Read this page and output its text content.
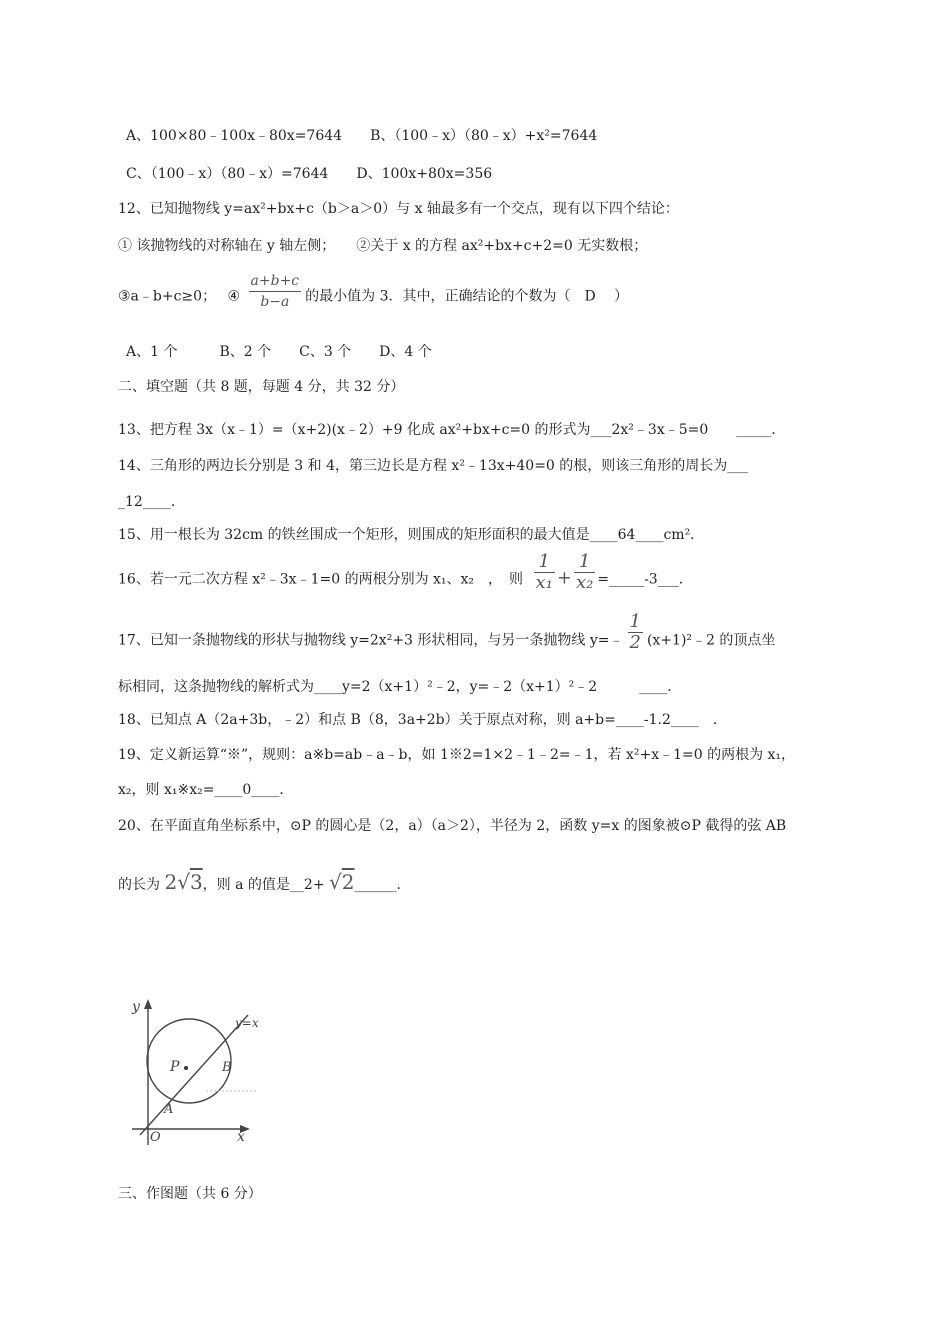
A、100×80﹣100x﹣80x=7644　　B、（100﹣x）（80﹣x）+x²=7644
C、（100﹣x）（80﹣x）=7644　　D、100x+80x=356
12、已知抛物线 y=ax²+bx+c（b＞a＞0）与 x 轴最多有一个交点，现有以下四个结论：
① 该抛物线的对称轴在 y 轴左侧；　　②关于 x 的方程 ax²+bx+c+2=0 无实数根；
③a﹣b+c≥0；　 ④ $\frac{a+b+c}{b-a}$ 的最小值为 3．其中，正确结论的个数为（　D　 ）
A、1 个　　　B、2 个　　C、3 个　　D、4 个
二、填空题（共 8 题，每题 4 分，共 32 分）
13、把方程 3x（x﹣1）=（x+2)(x﹣2）+9 化成 ax²+bx+c=0 的形式为___2x²﹣3x﹣5=0　　_____．
14、三角形的两边长分别是 3 和 4，第三边长是方程 x²﹣13x+40=0 的根，则该三角形的周长为___
_12____．
15、用一根长为 32cm 的铁丝围成一个矩形，则围成的矩形面积的最大值是____64____cm²．
16、若一元二次方程 x²﹣3x﹣1=0 的两根分别为 x₁、x₂　，　则 $\frac{1}{\text{x₁}} + \frac{1}{\text{x₂}}$ =_____-3___．
17、已知一条抛物线的形状与抛物线 y=2x²+3 形状相同，与另一条抛物线 y=﹣ $\frac{1}{2}$ (x+1)²﹣2 的顶点坐
标相同，这条抛物线的解析式为____y=2（x+1）²﹣2，y=﹣2（x+1）²﹣2　　　____．
18、已知点 A（2a+3b，﹣2）和点 B（8，3a+2b）关于原点对称，则 a+b=____-1.2____　．
19、定义新运算“※”，规则：a※b=ab﹣a﹣b，如 1※2=1×2﹣1﹣2=﹣1，若 x²+x﹣1=0 的两根为 x₁，
x₂，则 x₁※x₂=____0____．
20、在平面直角坐标系中，⊙P 的圆心是（2，a）（a＞2），半径为 2，函数 y=x 的图象被⊙P 截得的弦 AB
的长为 2√3，则 a 的值是__2+ √2______．
y
x
O
y=x
P
A
B
三、作图题（共 6 分）
